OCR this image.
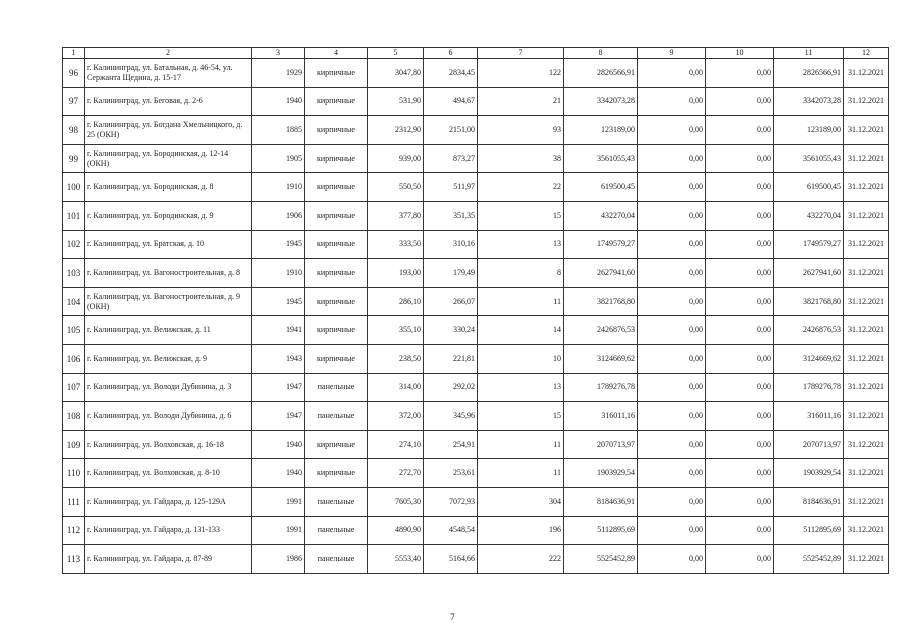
1	2	3	4	5	6	7	8	9	10	11	12
96	г. Калининград, ул. Батальная, д. 46-54, ул. Сержанта Щедина, д. 15-17	1929	кирпичные	3047,80	2834,45	122	2826566,91	0,00	0,00	2826566,91	31.12.2021
97	г. Калининград, ул. Беговая, д. 2-6	1940	кирпичные	531,90	494,67	21	3342073,28	0,00	0,00	3342073,28	31.12.2021
98	г. Калининград, ул. Богдана Хмельницкого, д. 25 (ОКН)	1885	кирпичные	2312,90	2151,00	93	123189,00	0,00	0,00	123189,00	31.12.2021
99	г. Калининград, ул. Бородинская, д. 12-14 (ОКН)	1905	кирпичные	939,00	873,27	38	3561055,43	0,00	0,00	3561055,43	31.12.2021
100	г. Калининград, ул. Бородинская, д. 8	1910	кирпичные	550,50	511,97	22	619500,45	0,00	0,00	619500,45	31.12.2021
101	г. Калининград, ул. Бородинская, д. 9	1906	кирпичные	377,80	351,35	15	432270,04	0,00	0,00	432270,04	31.12.2021
102	г. Калининград, ул. Братская, д. 10	1945	кирпичные	333,50	310,16	13	1749579,27	0,00	0,00	1749579,27	31.12.2021
103	г. Калининград, ул. Вагоностроительная, д. 8	1910	кирпичные	193,00	179,49	8	2627941,60	0,00	0,00	2627941,60	31.12.2021
104	г. Калининград, ул. Вагоностроительная, д. 9 (ОКН)	1945	кирпичные	286,10	266,07	11	3821768,80	0,00	0,00	3821768,80	31.12.2021
105	г. Калининград, ул. Велижская, д. 11	1941	кирпичные	355,10	330,24	14	2426876,53	0,00	0,00	2426876,53	31.12.2021
106	г. Калининград, ул. Велижская, д. 9	1943	кирпичные	238,50	221,81	10	3124669,62	0,00	0,00	3124669,62	31.12.2021
107	г. Калининград, ул. Володи Дубинина, д. 3	1947	панельные	314,00	292,02	13	1789276,78	0,00	0,00	1789276,78	31.12.2021
108	г. Калининград, ул. Володи Дубинина, д. 6	1947	панельные	372,00	345,96	15	316011,16	0,00	0,00	316011,16	31.12.2021
109	г. Калининград, ул. Волховская, д. 16-18	1940	кирпичные	274,10	254,91	11	2070713,97	0,00	0,00	2070713,97	31.12.2021
110	г. Калининград, ул. Волховская, д. 8-10	1940	кирпичные	272,70	253,61	11	1903929,54	0,00	0,00	1903929,54	31.12.2021
111	г. Калининград, ул. Гайдара, д. 125-129А	1991	панельные	7605,30	7072,93	304	8184636,91	0,00	0,00	8184636,91	31.12.2021
112	г. Калининград, ул. Гайдара, д. 131-133	1991	панельные	4890,90	4548,54	196	5112895,69	0,00	0,00	5112895,69	31.12.2021
113	г. Калининград, ул. Гайдара, д. 87-89	1986	панельные	5553,40	5164,66	222	5525452,89	0,00	0,00	5525452,89	31.12.2021
7
